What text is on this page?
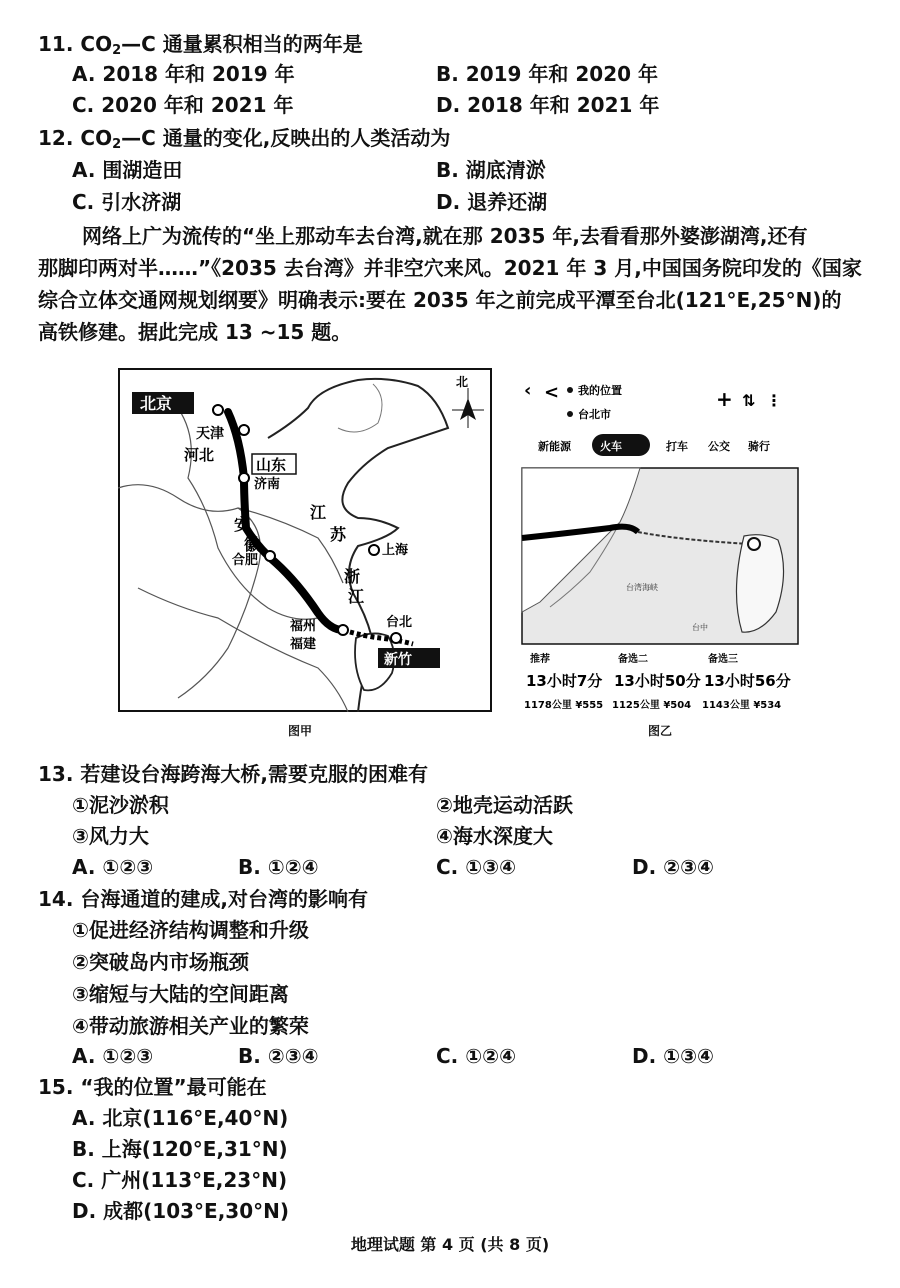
11. $CO_2—C$ 通量累积相当的两年是
A. 2018 年和 2019 年	B. 2019 年和 2020 年
C. 2020 年和 2021 年	D. 2018 年和 2021 年
12. $CO_2—C$ 通量的变化,反映出的人类活动为
A. 围湖造田	B. 湖底清淤
C. 引水济湖	D. 退养还湖

网络上广为流传的“坐上那动车去台湾,就在那 2035 年,去看看那外婆澎湖湾,还有

那脚印两对半……”《2035 去台湾》并非空穴来风。2021 年 3 月,中国国务院印发的《国家

综合立体交通网规划纲要》明确表示:要在 2035 年之前完成平潭至台北(121°E,25°N)的

高铁修建。据此完成 13 ~15 题。

北京
天津
河北
山东
济南
江
苏
安
徽
合肥
上海
浙
江
福州
福建
台北
新竹
北
图甲
‹ < 我的位置
台北市
+ ⇅ ⋮
新能源	火车	打车 公交 骑行
台湾海峡
台中
推荐
13小时7分
1178公里 ¥555
备选二
13小时50分
1125公里 ¥504
备选三
13小时56分
1143公里 ¥534
图乙
13. 若建设台海跨海大桥,需要克服的困难有
①泥沙淤积	②地壳运动活跃
③风力大	④海水深度大
A. ①②③	B. ①②④	C. ①③④	D. ②③④
14. 台海通道的建成,对台湾的影响有
①促进经济结构调整和升级
②突破岛内市场瓶颈
③缩短与大陆的空间距离
④带动旅游相关产业的繁荣
A. ①②③	B. ②③④	C. ①②④	D. ①③④
15. “我的位置”最可能在
A. 北京(116°E,40°N)
B. 上海(120°E,31°N)
C. 广州(113°E,23°N)
D. 成都(103°E,30°N)
地理试题 第 4 页 (共 8 页)
